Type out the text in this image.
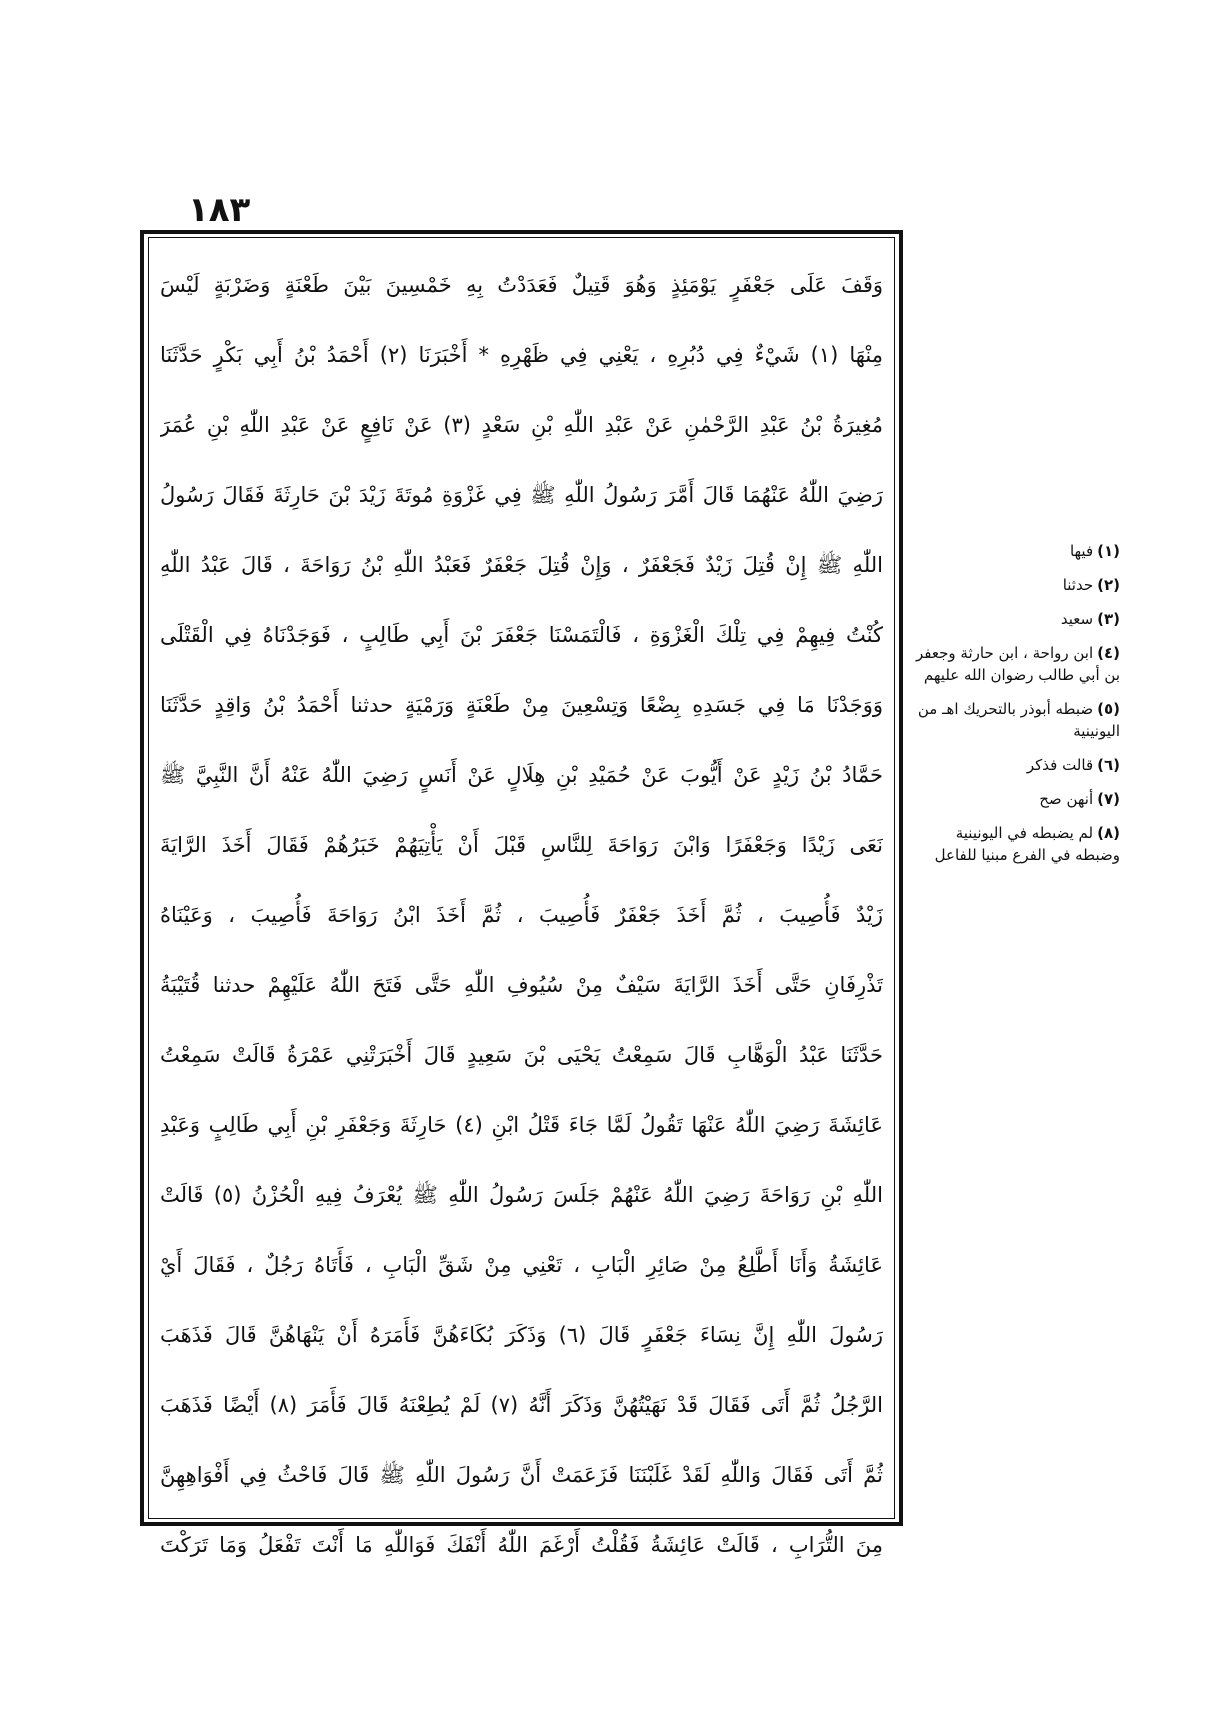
١٨٣
وَقَفَ عَلَى جَعْفَرٍ يَوْمَئِذٍ وَهُوَ قَتِيلٌ فَعَدَدْتُ بِهِ خَمْسِينَ بَيْنَ طَعْنَةٍ وَضَرْبَةٍ لَيْسَ
مِنْهَا (١) شَيْءٌ فِي دُبُرِهِ ، يَعْنِي فِي ظَهْرِهِ * أَخْبَرَنَا (٢) أَحْمَدُ بْنُ أَبِي بَكْرٍ حَدَّثَنَا
مُغِيرَةُ بْنُ عَبْدِ الرَّحْمٰنِ عَنْ عَبْدِ اللّٰهِ بْنِ سَعْدٍ (٣) عَنْ نَافِعٍ عَنْ عَبْدِ اللّٰهِ بْنِ عُمَرَ
رَضِيَ اللّٰهُ عَنْهُمَا قَالَ أَمَّرَ رَسُولُ اللّٰهِ ﷺ فِي غَزْوَةِ مُوتَةَ زَيْدَ بْنَ حَارِثَةَ فَقَالَ رَسُولُ
اللّٰهِ ﷺ إِنْ قُتِلَ زَيْدٌ فَجَعْفَرٌ ، وَإِنْ قُتِلَ جَعْفَرٌ فَعَبْدُ اللّٰهِ بْنُ رَوَاحَةَ ، قَالَ عَبْدُ اللّٰهِ
كُنْتُ فِيهِمْ فِي تِلْكَ الْغَزْوَةِ ، فَالْتَمَسْنَا جَعْفَرَ بْنَ أَبِي طَالِبٍ ، فَوَجَدْنَاهُ فِي الْقَتْلَى
وَوَجَدْنَا مَا فِي جَسَدِهِ بِضْعًا وَتِسْعِينَ مِنْ طَعْنَةٍ وَرَمْيَةٍ حدثنا أَحْمَدُ بْنُ وَاقِدٍ حَدَّثَنَا
حَمَّادُ بْنُ زَيْدٍ عَنْ أَيُّوبَ عَنْ حُمَيْدِ بْنِ هِلَالٍ عَنْ أَنَسٍ رَضِيَ اللّٰهُ عَنْهُ أَنَّ النَّبِيَّ ﷺ
نَعَى زَيْدًا وَجَعْفَرًا وَابْنَ رَوَاحَةَ لِلنَّاسِ قَبْلَ أَنْ يَأْتِيَهُمْ خَبَرُهُمْ فَقَالَ أَخَذَ الرَّايَةَ
زَيْدٌ فَأُصِيبَ ، ثُمَّ أَخَذَ جَعْفَرٌ فَأُصِيبَ ، ثُمَّ أَخَذَ ابْنُ رَوَاحَةَ فَأُصِيبَ ، وَعَيْنَاهُ
تَذْرِفَانِ حَتَّى أَخَذَ الرَّايَةَ سَيْفٌ مِنْ سُيُوفِ اللّٰهِ حَتَّى فَتَحَ اللّٰهُ عَلَيْهِمْ حدثنا قُتَيْبَةُ
حَدَّثَنَا عَبْدُ الْوَهَّابِ قَالَ سَمِعْتُ يَحْيَى بْنَ سَعِيدٍ قَالَ أَخْبَرَتْنِي عَمْرَةُ قَالَتْ سَمِعْتُ
عَائِشَةَ رَضِيَ اللّٰهُ عَنْهَا تَقُولُ لَمَّا جَاءَ قَتْلُ ابْنِ (٤) حَارِثَةَ وَجَعْفَرِ بْنِ أَبِي طَالِبٍ وَعَبْدِ
اللّٰهِ بْنِ رَوَاحَةَ رَضِيَ اللّٰهُ عَنْهُمْ جَلَسَ رَسُولُ اللّٰهِ ﷺ يُعْرَفُ فِيهِ الْحُزْنُ (٥) قَالَتْ
عَائِشَةُ وَأَنَا أَطَّلِعُ مِنْ صَائِرِ الْبَابِ ، تَعْنِي مِنْ شَقِّ الْبَابِ ، فَأَتَاهُ رَجُلٌ ، فَقَالَ أَيْ
رَسُولَ اللّٰهِ إِنَّ نِسَاءَ جَعْفَرٍ قَالَ (٦) وَذَكَرَ بُكَاءَهُنَّ فَأَمَرَهُ أَنْ يَنْهَاهُنَّ قَالَ فَذَهَبَ
الرَّجُلُ ثُمَّ أَتَى فَقَالَ قَدْ نَهَيْتُهُنَّ وَذَكَرَ أَنَّهُ (٧) لَمْ يُطِعْنَهُ قَالَ فَأَمَرَ (٨) أَيْضًا فَذَهَبَ
ثُمَّ أَتَى فَقَالَ وَاللّٰهِ لَقَدْ غَلَبْنَنَا فَزَعَمَتْ أَنَّ رَسُولَ اللّٰهِ ﷺ قَالَ فَاحْثُ فِي أَفْوَاهِهِنَّ
مِنَ التُّرَابِ ، قَالَتْ عَائِشَةُ فَقُلْتُ أَرْغَمَ اللّٰهُ أَنْفَكَ فَوَاللّٰهِ مَا أَنْتَ تَفْعَلُ وَمَا تَرَكْتَ
(١)فيها
(٢)حدثنا
(٣)سعيد
(٤)ابن رواحة ، ابن حارثة وجعفر بن أبي طالب رضوان الله عليهم
(٥)ضبطه أبوذر بالتحريك اهـ من اليونينية
(٦)قالت فذكر
(٧)أنهن صح
(٨)لم يضبطه في اليونينية وضبطه في الفرع مبنيا للفاعل
